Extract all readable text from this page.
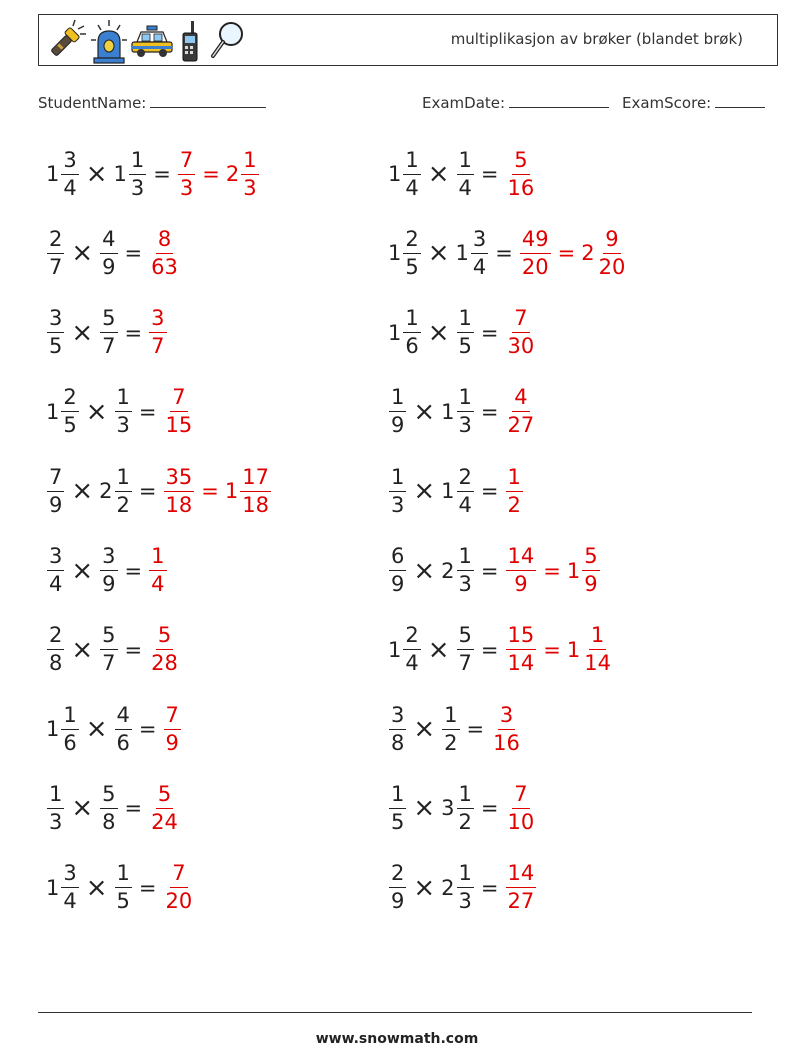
multiplikasjon av brøker (blandet brøk)
StudentName:	ExamDate:	ExamScore:
$1 \frac{3}{4} \times 1 \frac{1}{3} = \frac{7}{3} = 2 \frac{1}{3}$
$\frac{2}{7} \times \frac{4}{9} = \frac{8}{63}$
$\frac{3}{5} \times \frac{5}{7} = \frac{3}{7}$
$1 \frac{2}{5} \times \frac{1}{3} = \frac{7}{15}$
$\frac{7}{9} \times 2 \frac{1}{2} = \frac{35}{18} = 1 \frac{17}{18}$
$\frac{3}{4} \times \frac{3}{9} = \frac{1}{4}$
$\frac{2}{8} \times \frac{5}{7} = \frac{5}{28}$
$1 \frac{1}{6} \times \frac{4}{6} = \frac{7}{9}$
$\frac{1}{3} \times \frac{5}{8} = \frac{5}{24}$
$1 \frac{3}{4} \times \frac{1}{5} = \frac{7}{20}$
$1 \frac{1}{4} \times \frac{1}{4} = \frac{5}{16}$
$1 \frac{2}{5} \times 1 \frac{3}{4} = \frac{49}{20} = 2 \frac{9}{20}$
$1 \frac{1}{6} \times \frac{1}{5} = \frac{7}{30}$
$\frac{1}{9} \times 1 \frac{1}{3} = \frac{4}{27}$
$\frac{1}{3} \times 1 \frac{2}{4} = \frac{1}{2}$
$\frac{6}{9} \times 2 \frac{1}{3} = \frac{14}{9} = 1 \frac{5}{9}$
$1 \frac{2}{4} \times \frac{5}{7} = \frac{15}{14} = 1 \frac{1}{14}$
$\frac{3}{8} \times \frac{1}{2} = \frac{3}{16}$
$\frac{1}{5} \times 3 \frac{1}{2} = \frac{7}{10}$
$\frac{2}{9} \times 2 \frac{1}{3} = \frac{14}{27}$
www.snowmath.com
